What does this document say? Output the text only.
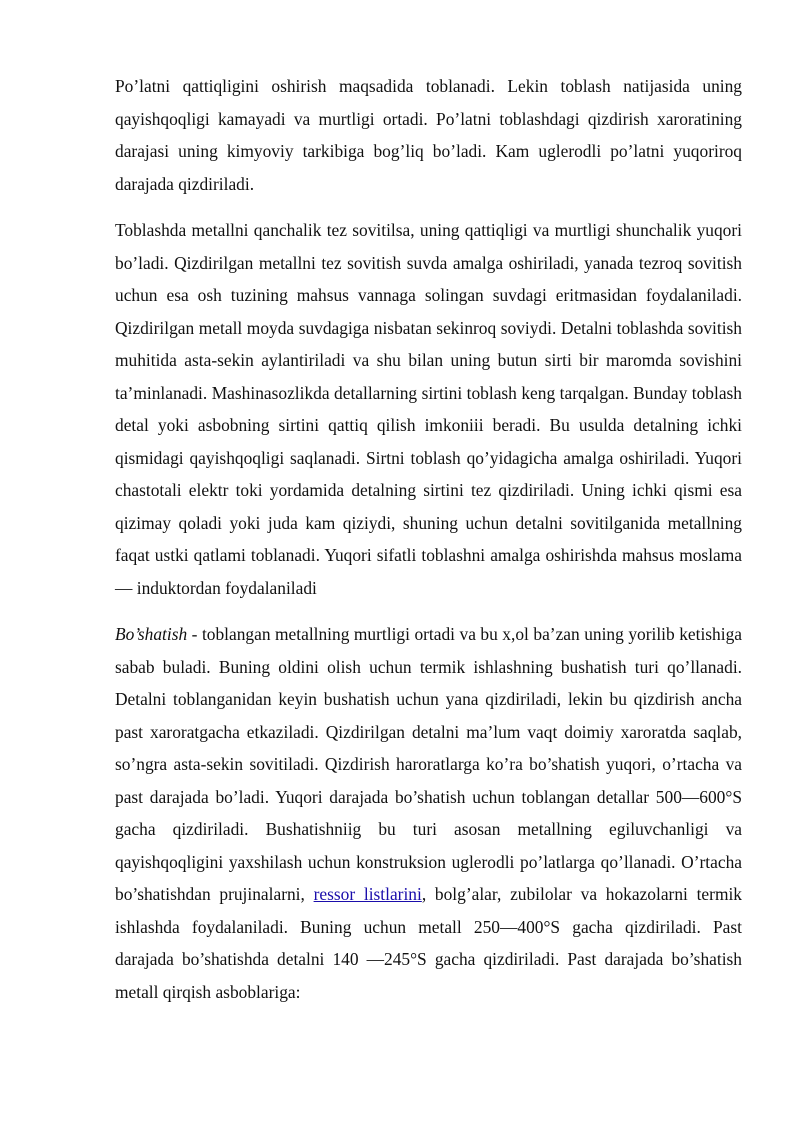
Po’latni qattiqligini oshirish maqsadida toblanadi. Lekin toblash natijasida uning qayishqoqligi kamayadi va murtligi ortadi. Po’latni toblashdagi qizdirish xaroratining darajasi uning kimyoviy tarkibiga bog’liq bo’ladi. Kam uglerodli po’latni yuqoriroq darajada qizdiriladi.

Toblashda metallni qanchalik tez sovitilsa, uning qattiqligi va murtligi shunchalik yuqori bo’ladi. Qizdirilgan metallni tez sovitish suvda amalga oshiriladi, yanada tezroq sovitish uchun esa osh tuzining mahsus vannaga solingan suvdagi eritmasidan foydalaniladi. Qizdirilgan metall moyda suvdagiga nisbatan sekinroq soviydi. Detalni toblashda sovitish muhitida asta-sekin aylantiriladi va shu bilan uning butun sirti bir maromda sovishini ta’minlanadi. Mashinasozlikda detallarning sirtini toblash keng tarqalgan. Bunday toblash detal yoki asbobning sirtini qattiq qilish imkoniii beradi. Bu usulda detalning ichki qismidagi qayishqoqligi saqlanadi. Sirtni toblash qo’yidagicha amalga oshiriladi. Yuqori chastotali elektr toki yordamida detalning sirtini tez qizdiriladi. Uning ichki qismi esa qizimay qoladi yoki juda kam qiziydi, shuning uchun detalni sovitilganida metallning faqat ustki qatlami toblanadi. Yuqori sifatli toblashni amalga oshirishda mahsus moslama — induktordan foydalaniladi

Bo’shatish - toblangan metallning murtligi ortadi va bu x,ol ba’zan uning yorilib ketishiga sabab buladi. Buning oldini olish uchun termik ishlashning bushatish turi qo’llanadi. Detalni toblanganidan keyin bushatish uchun yana qizdiriladi, lekin bu qizdirish ancha past xaroratgacha etkaziladi. Qizdirilgan detalni ma’lum vaqt doimiy xaroratda saqlab, so’ngra asta-sekin sovitiladi. Qizdirish haroratlarga ko’ra bo’shatish yuqori, o’rtacha va past darajada bo’ladi. Yuqori darajada bo’shatish uchun toblangan detallar 500—600°S gacha qizdiriladi. Bushatishniig bu turi asosan metallning egiluvchanligi va qayishqoqligini yaxshilash uchun konstruksion uglerodli po’latlarga qo’llanadi. O’rtacha bo’shatishdan prujinalarni, ressor listlarini, bolg’alar, zubilolar va hokazolarni termik ishlashda foydalaniladi. Buning uchun metall 250—400°S gacha qizdiriladi. Past darajada bo’shatishda detalni 140 —245°S gacha qizdiriladi. Past darajada bo’shatish metall qirqish asboblariga:
